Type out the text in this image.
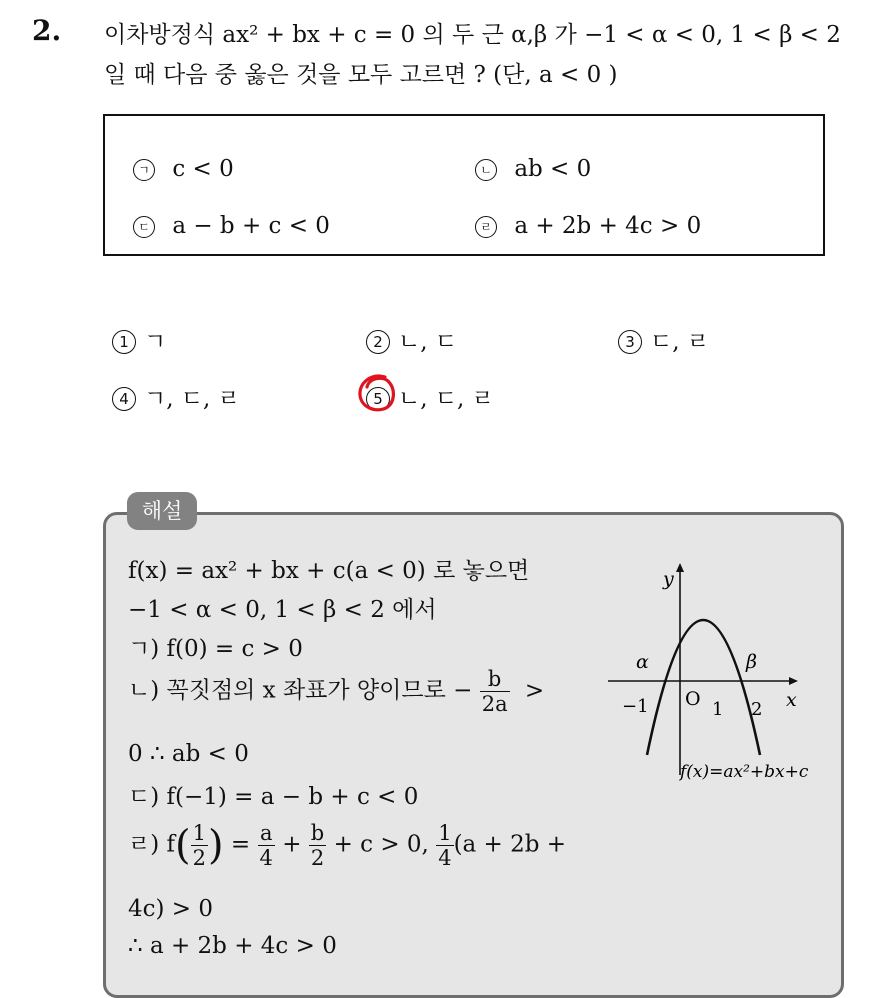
2. 이차방정식 ax² + bx + c = 0 의 두 근 α,β 가 −1 < α < 0, 1 < β < 2
일 때 다음 중 옳은 것을 모두 고르면 ? (단, a < 0 )
ㄱ c < 0	ㄴ ab < 0
ㄷ a − b + c < 0	ㄹ a + 2b + 4c > 0
1 ㄱ	2 ㄴ, ㄷ	3 ㄷ, ㄹ
4 ㄱ, ㄷ, ㄹ	5 ㄴ, ㄷ, ㄹ
해설
f(x) = ax² + bx + c(a < 0) 로 놓으면
−1 < α < 0, 1 < β < 2 에서
ㄱ) f(0) = c > 0
ㄴ) 꼭짓점의 x 좌표가 양이므로 − $\frac{b}{2a}$ >
0 ∴ ab < 0
ㄷ) f(−1) = a − b + c < 0
ㄹ) $f( \frac{1}{2}$ ) = $\frac{a}{4} + \frac{b}{2} + c > 0$, $\frac{1}{4} (a + 2b$ +
4c) > 0
∴ a + 2b + 4c > 0
y
x
O
α	β
−1	1 2
f(x)=ax²+bx+c
